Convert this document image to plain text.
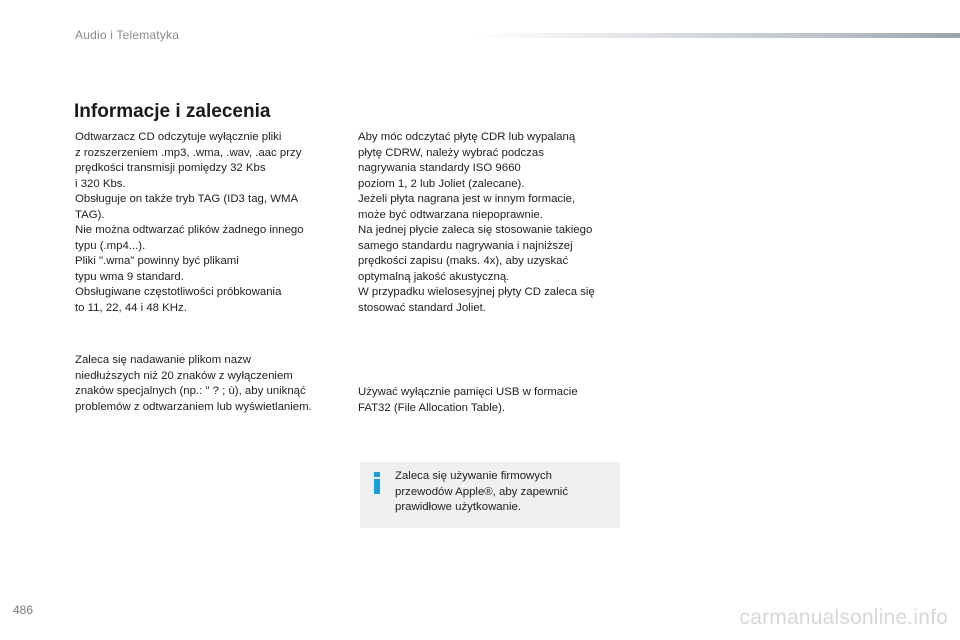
Audio i Telematyka
Informacje i zalecenia

Odtwarzacz CD odczytuje wyłącznie pliki
z rozszerzeniem .mp3, .wma, .wav, .aac przy
prędkości transmisji pomiędzy 32 Kbs
i 320 Kbs.
Obsługuje on także tryb TAG (ID3 tag, WMA
TAG).
Nie można odtwarzać plików żadnego innego
typu (.mp4...).
Pliki ".wma" powinny być plikami
typu wma 9 standard.
Obsługiwane częstotliwości próbkowania
to 11, 22, 44 i 48 KHz.

Zaleca się nadawanie plikom nazw
niedłuższych niż 20 znaków z wyłączeniem
znaków specjalnych (np.: " ? ; ù), aby uniknąć
problemów z odtwarzaniem lub wyświetlaniem.

Aby móc odczytać płytę CDR lub wypalaną
płytę CDRW, należy wybrać podczas
nagrywania standardy ISO 9660
poziom 1, 2 lub Joliet (zalecane).
Jeżeli płyta nagrana jest w innym formacie,
może być odtwarzana niepoprawnie.
Na jednej płycie zaleca się stosowanie takiego
samego standardu nagrywania i najniższej
prędkości zapisu (maks. 4x), aby uzyskać
optymalną jakość akustyczną.
W przypadku wielosesyjnej płyty CD zaleca się
stosować standard Joliet.

Używać wyłącznie pamięci USB w formacie
FAT32 (File Allocation Table).

Zaleca się używanie firmowych
przewodów Apple®, aby zapewnić
prawidłowe użytkowanie.

486	carmanualsonline.info
